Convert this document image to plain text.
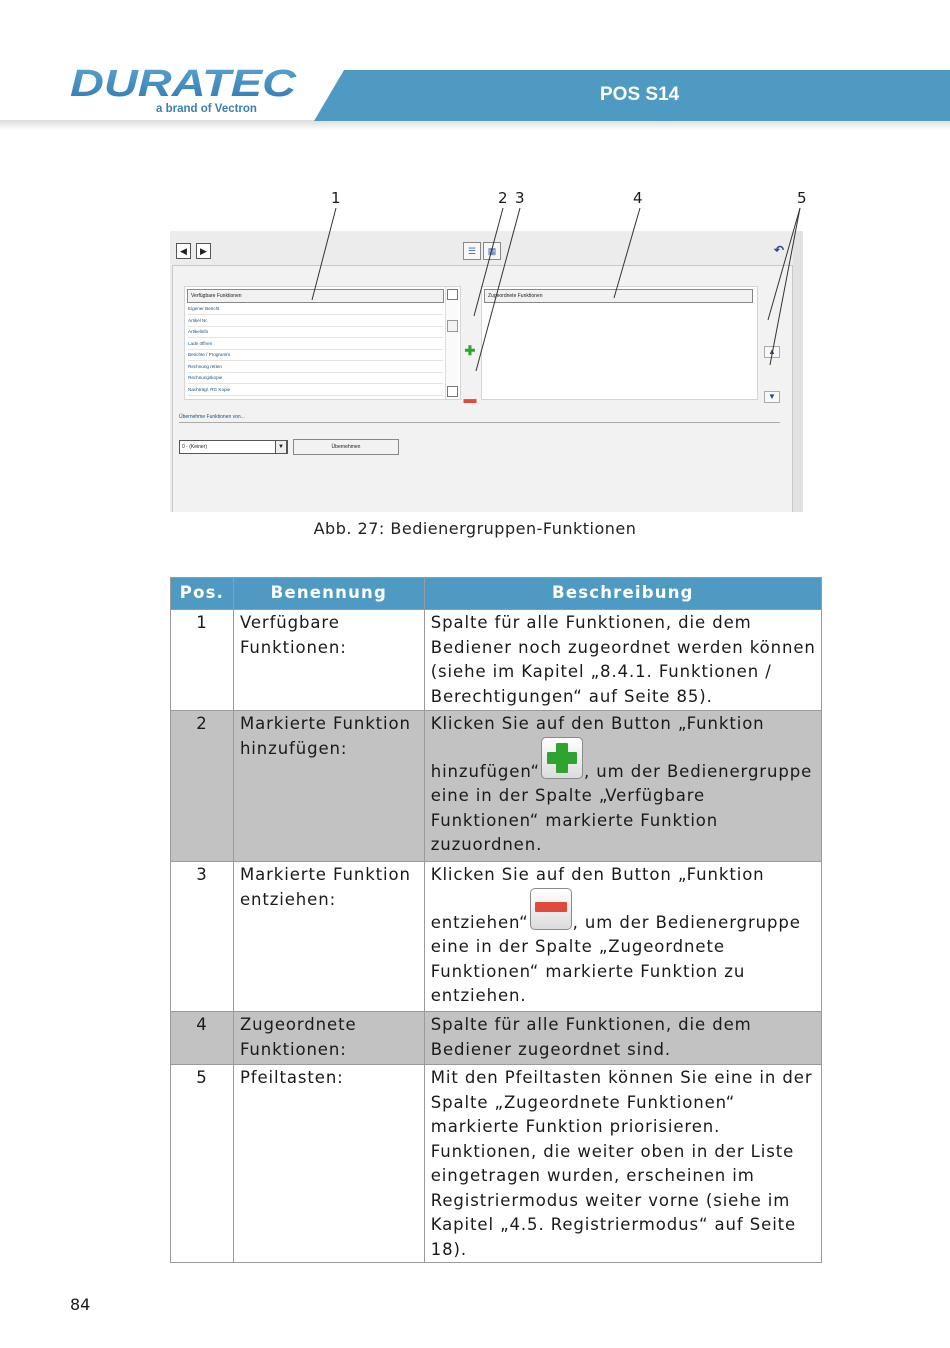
POS S14
DURATEC
a brand of Vectron
1	2 3	4	5
◀	▶	☰	▦	↶
Verfügbare Funktionen
Eigener Bericht
Artikel Nr.
Artikelinfo
Lade öffnen
Berichte / Programm
Rechnung retten
Rechnungskopie
Nachträgl. RG Kopie
✚
▬
Zugeordnete Funktionen
▲
▼
Übernehme Funktionen von...
0 - (Keiner)	▼	Übernehmen
Abb. 27: Bedienergruppen-Funktionen
Pos.	Benennung	Beschreibung
1	Verfügbare Funktionen:	Spalte für alle Funktionen, die dem Bediener noch zugeordnet werden können (siehe im Kapitel „8.4.1. Funktionen / Berechtigungen“ auf Seite 85).
2	Markierte Funktion hinzufügen:	Klicken Sie auf den Button „Funktion hinzufügen“ , um der Bedienergruppe eine in der Spalte „Verfügbare Funktionen“ markierte Funktion zuzuordnen.
3	Markierte Funktion entziehen:	Klicken Sie auf den Button „Funktion entziehen“ , um der Bedienergruppe eine in der Spalte „Zugeordnete Funktionen“ markierte Funktion zu entziehen.
4	Zugeordnete Funktionen:	Spalte für alle Funktionen, die dem Bediener zugeordnet sind.
5	Pfeiltasten:	Mit den Pfeiltasten können Sie eine in der Spalte „Zugeordnete Funktionen“ markierte Funktion priorisieren. Funktionen, die weiter oben in der Liste eingetragen wurden, erscheinen im Registriermodus weiter vorne (siehe im Kapitel „4.5. Registriermodus“ auf Seite 18).
84
